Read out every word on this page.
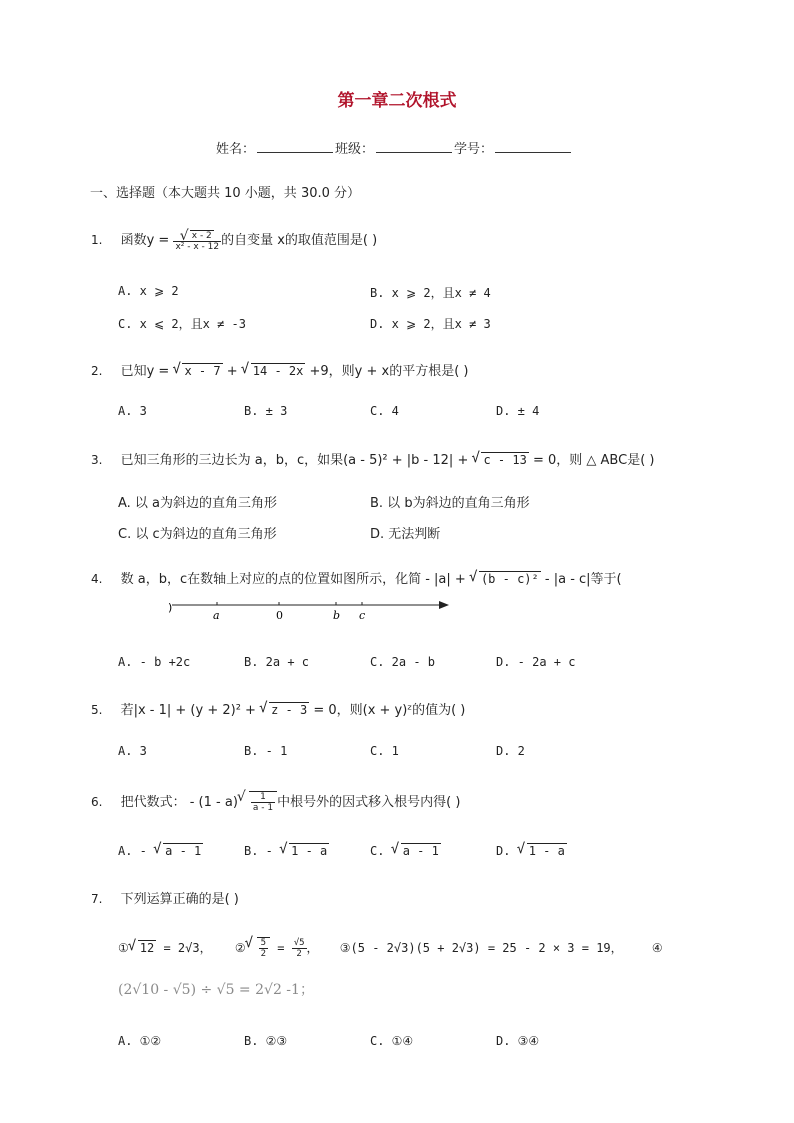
第一章二次根式
姓名：	班级：	学号：
一、选择题（本大题共 10 小题，共 30.0 分）
1. 函数y = √ $\frac{x - 2}{\text{x² - x - 12}}$ 的自变量 x的取值范围是( )
A. x ⩾ 2	B. x ⩾ 2，且x ≠ 4
C. x ⩽ 2，且x ≠ -3	D. x ⩾ 2，且x ≠ 3
2. 已知y = √ x - 7 + √ 14 - 2x +9，则y + x的平方根是( )
A. 3	B. ± 3	C. 4	D. ± 4
3. 已知三角形的三边长为 a，b，c，如果(a - 5)² + |b - 12| + √ c - 13 = 0，则 △ ABC是( )
A. 以 a为斜边的直角三角形	B. 以 b为斜边的直角三角形
C. 以 c为斜边的直角三角形	D. 无法判断
4. 数 a，b，c在数轴上对应的点的位置如图所示，化简 - |a| + √ (b - c)² - |a - c|等于(
)
a	0	b c
A. - b +2c	B. 2a + c	C. 2a - b	D. - 2a + c
5. 若|x - 1| + (y + 2)² + √ z - 3 = 0，则(x + y)ᶻ的值为( )
A. 3	B. - 1	C. 1	D. 2
6. 把代数式： - (1 - a) √ $\frac{1}{a - 1}$ 中根号外的因式移入根号内得( )
A. - √ a - 1	B. - √ 1 - a	C. √ a - 1	D. √ 1 - a
7. 下列运算正确的是( )
① √ 12 = 2√3， ② √ $\frac{5}{2} = \frac{√5}{2}$ ， ③(5 - 2√3)(5 + 2√3) = 25 - 2 × 3 = 19， ④
(2√10 - √5) ÷ √5 = 2√2 -1；
A. ①②	B. ②③	C. ①④	D. ③④
